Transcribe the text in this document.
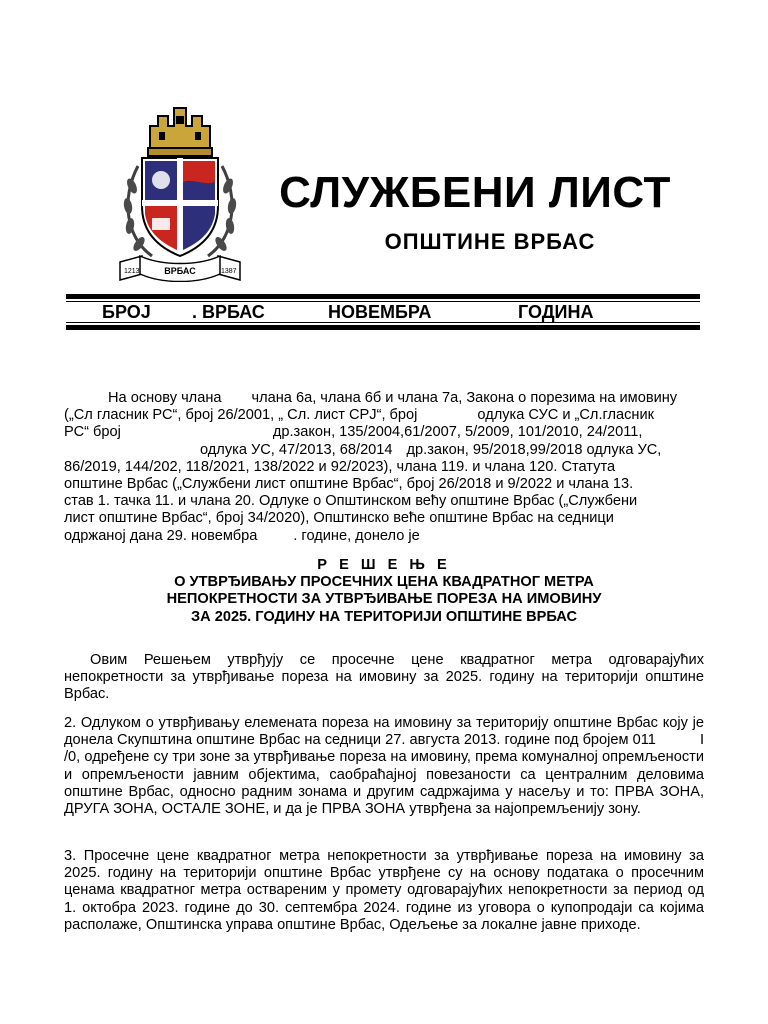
1213	ВРБАС	1387
СЛУЖБЕНИ ЛИСТ
ОПШТИНЕ ВРБАС
БРОЈ . ВРБАС	НОВЕМБРА	ГОДИНА
На основу члана члана 6а, члана 6б и члана 7а, Закона о порезима на имовину
(„Сл гласник РС“, број 26/2001, „ Сл. лист СРЈ“, број	одлука СУС и „Сл.гласник
РС“ број	др.закон, 135/2004,61/2007, 5/2009, 101/2010, 24/2011,
одлука УС, 47/2013, 68/2014 др.закон, 95/2018,99/2018 одлука УС,
86/2019, 144/202, 118/2021, 138/2022 и 92/2023), члана 119. и члана 120. Статута
општине Врбас („Службени лист општине Врбас“, број 26/2018 и 9/2022 и члана 13.
став 1. тачка 11. и члана 20. Одлуке о Општинском већу општине Врбас („Службени
лист општине Врбас“, број 34/2020), Општинско веће општине Врбас на седници
одржаној дана 29. новембра . године, донело је
Р Е Ш Е Њ Е
О УТВРЂИВАЊУ ПРОСЕЧНИХ ЦЕНА КВАДРАТНОГ МЕТРА
НЕПОКРЕТНОСТИ ЗА УТВРЂИВАЊЕ ПОРЕЗА НА ИМОВИНУ
ЗА 2025. ГОДИНУ НА ТЕРИТОРИЈИ ОПШТИНЕ ВРБАС
Овим Решењем утврђују се просечне цене квадратног метра одговарајућих непокретности за утврђивање пореза на имовину за 2025. годину на територији општине Врбас.
2. Одлуком о утврђивању елемената пореза на имовину за територију општине Врбас коју је донела Скупштина општине Врбас на седници 27. августа 2013. године под бројем 011	I /0, одређене су три зоне за утврђивање пореза на имовину, према комуналној опремљености и опремљености јавним објектима, саобраћајној повезаности са централним деловима општине Врбас, односно радним зонама и другим садржајима у насељу и то: ПРВА ЗОНА, ДРУГА ЗОНА, ОСТАЛЕ ЗОНЕ, и да је ПРВА ЗОНА утврђена за најопремљенију зону.
3. Просечне цене квадратног метра непокретности за утврђивање пореза на имовину за 2025. годину на територији општине Врбас утврђене су на основу података о просечним ценама квадратног метра оствареним у промету одговарајућих непокретности за период од 1. октобра 2023. године до 30. септембра 2024. године из уговора о купопродаји са којима располаже, Општинска управа општине Врбас, Одељење за локалне јавне приходе.
